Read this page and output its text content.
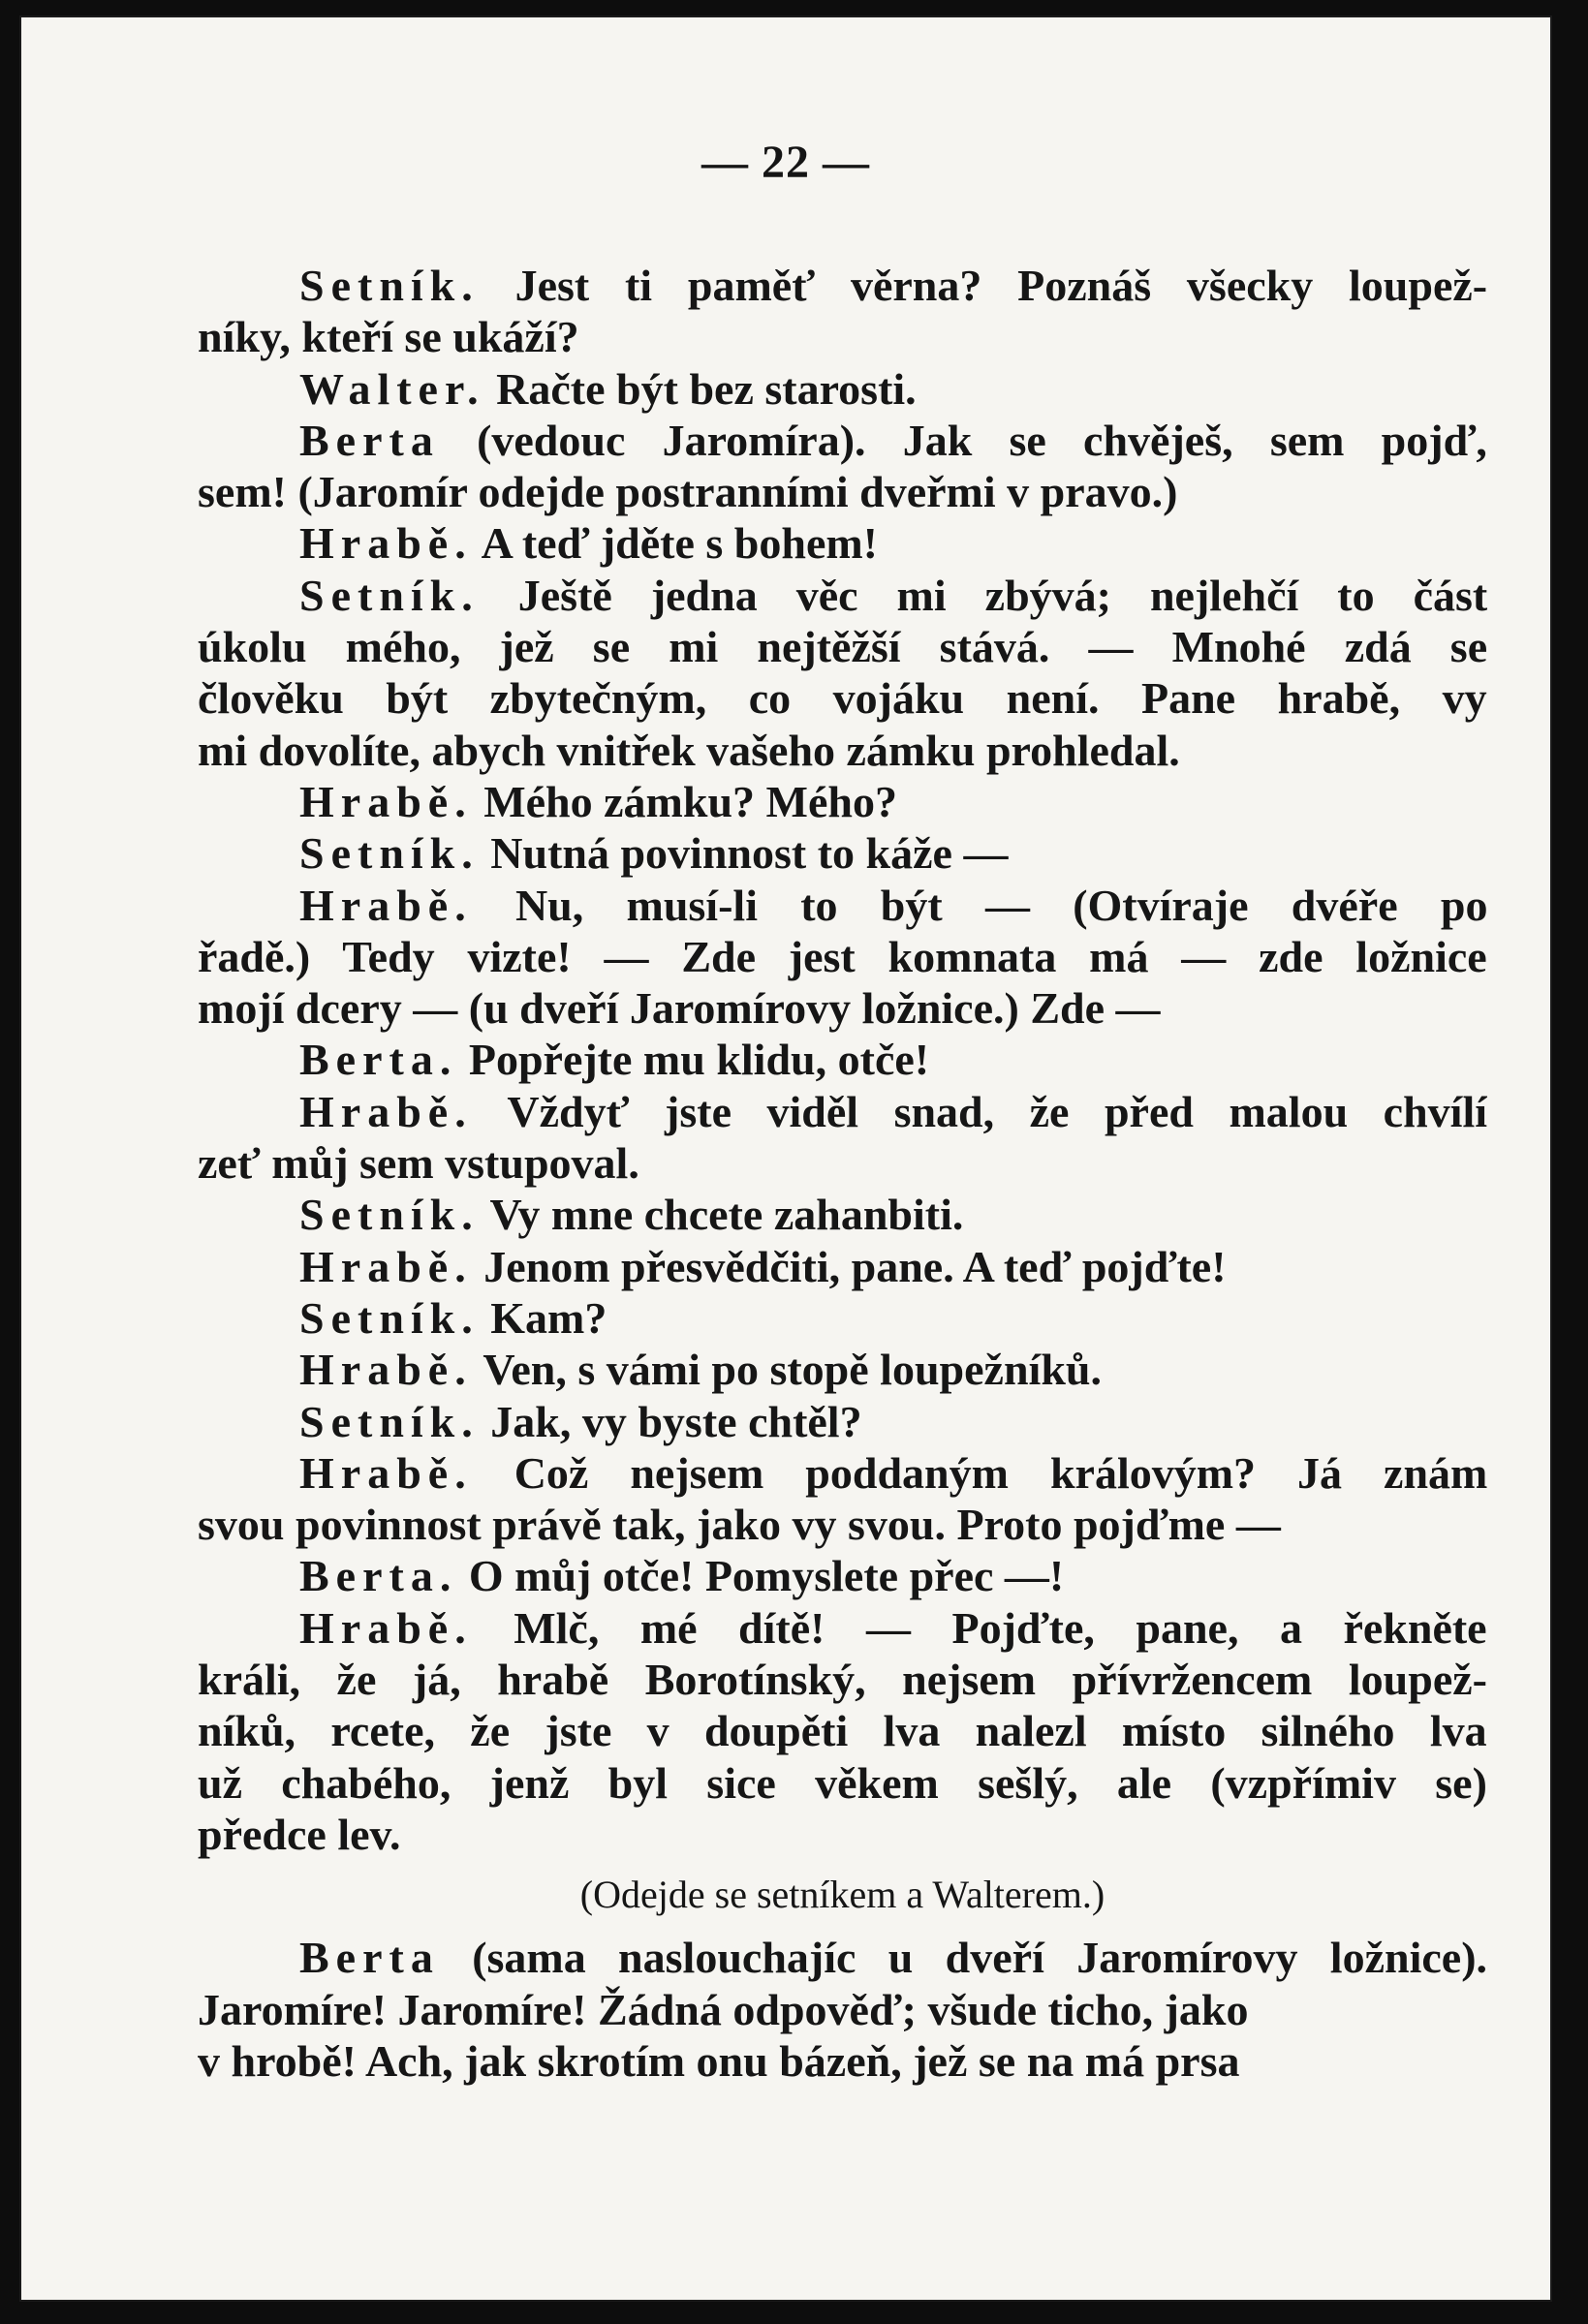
— 22 —
Setník. Jest ti paměť věrna? Poznáš všecky loupež-
níky, kteří se ukáží?
Walter. Račte být bez starosti.
Berta (vedouc Jaromíra). Jak se chvěješ, sem pojď,
sem! (Jaromír odejde postranními dveřmi v pravo.)
Hrabě. A teď jděte s bohem!
Setník. Ještě jedna věc mi zbývá; nejlehčí to část
úkolu mého, jež se mi nejtěžší stává. — Mnohé zdá se
člověku být zbytečným, co vojáku není. Pane hrabě, vy
mi dovolíte, abych vnitřek vašeho zámku prohledal.
Hrabě. Mého zámku? Mého?
Setník. Nutná povinnost to káže —
Hrabě. Nu, musí-li to být — (Otvíraje dvéře po
řadě.) Tedy vizte! — Zde jest komnata má — zde ložnice
mojí dcery — (u dveří Jaromírovy ložnice.) Zde —
Berta. Popřejte mu klidu, otče!
Hrabě. Vždyť jste viděl snad, že před malou chvílí
zeť můj sem vstupoval.
Setník. Vy mne chcete zahanbiti.
Hrabě. Jenom přesvědčiti, pane. A teď pojďte!
Setník. Kam?
Hrabě. Ven, s vámi po stopě loupežníků.
Setník. Jak, vy byste chtěl?
Hrabě. Což nejsem poddaným královým? Já znám
svou povinnost právě tak, jako vy svou. Proto pojďme —
Berta. O můj otče! Pomyslete přec —!
Hrabě. Mlč, mé dítě! — Pojďte, pane, a řekněte
králi, že já, hrabě Borotínský, nejsem přívržencem loupež-
níků, rcete, že jste v doupěti lva nalezl místo silného lva
už chabého, jenž byl sice věkem sešlý, ale (vzpřímiv se)
předce lev.
(Odejde se setníkem a Walterem.)
Berta (sama naslouchajíc u dveří Jaromírovy ložnice).
Jaromíre! Jaromíre! Žádná odpověď; všude ticho, jako
v hrobě! Ach, jak skrotím onu bázeň, jež se na má prsa
